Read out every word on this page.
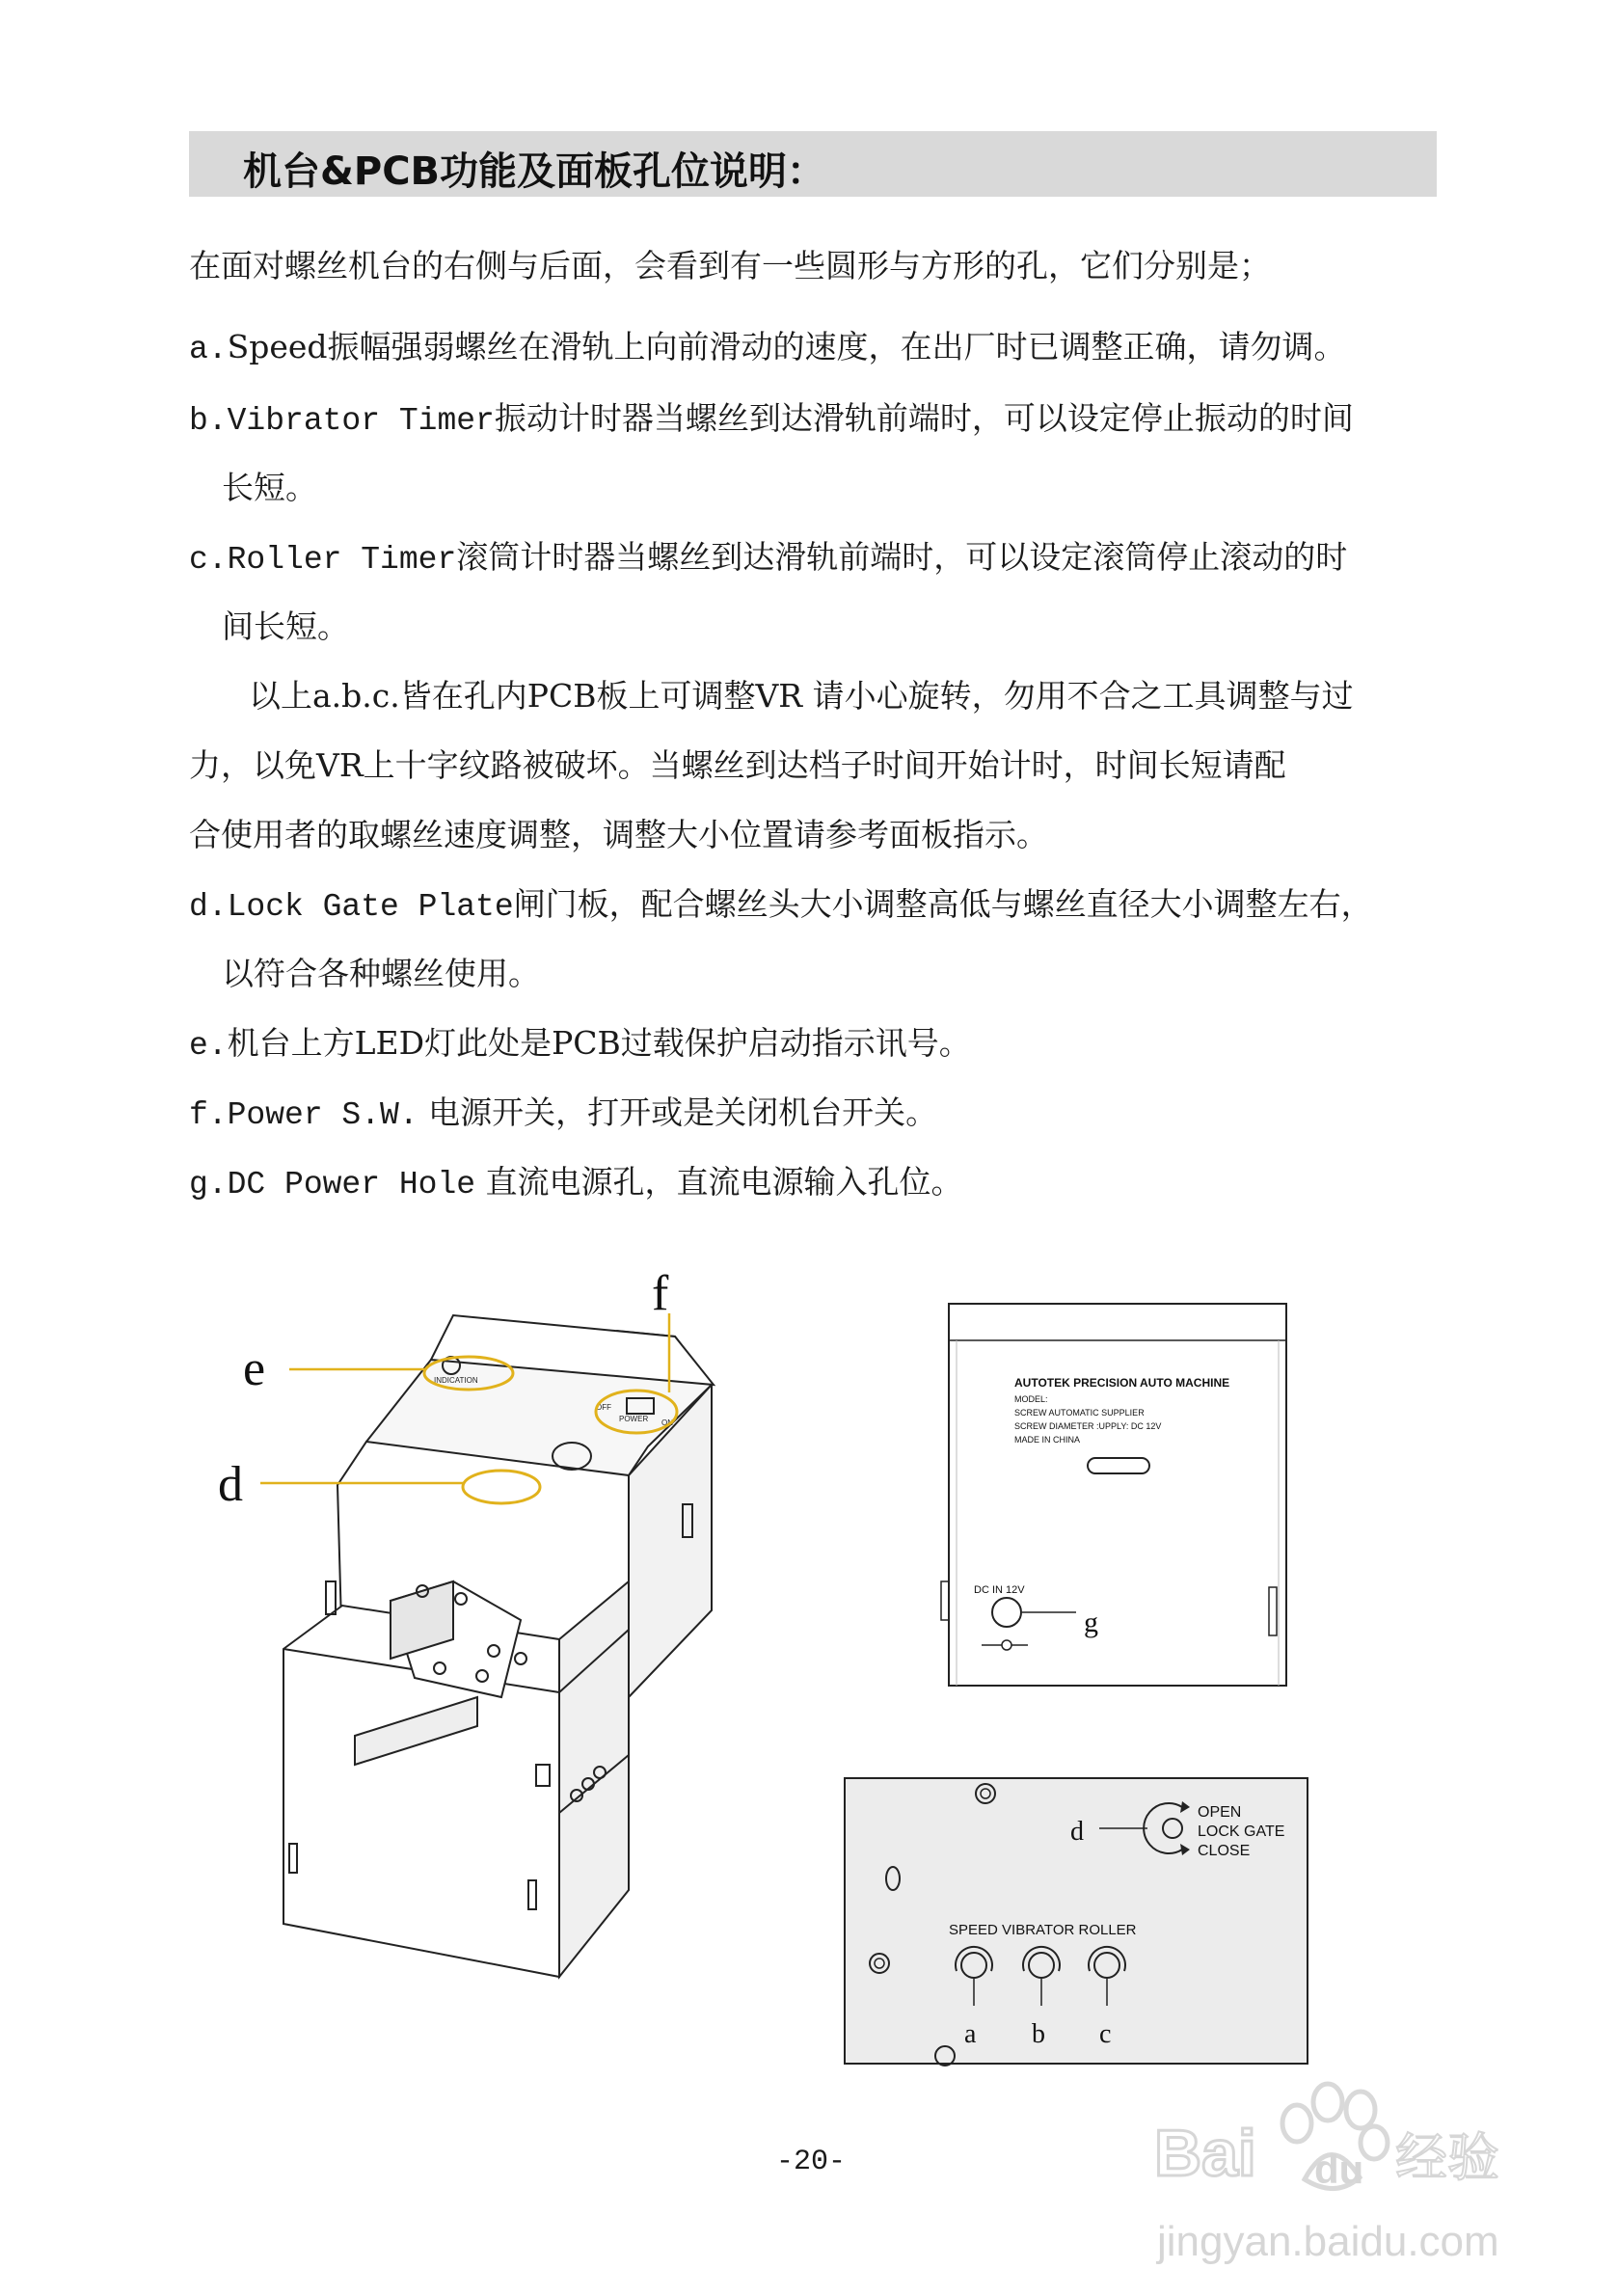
机台&PCB功能及面板孔位说明：
在面对螺丝机台的右侧与后面，会看到有一些圆形与方形的孔，它们分别是；
a.Speed振幅强弱螺丝在滑轨上向前滑动的速度，在出厂时已调整正确，请勿调。
b.Vibrator Timer振动计时器当螺丝到达滑轨前端时，可以设定停止振动的时间
长短。
c.Roller Timer滚筒计时器当螺丝到达滑轨前端时，可以设定滚筒停止滚动的时
间长短。
以上a.b.c.皆在孔内PCB板上可调整VR 请小心旋转，勿用不合之工具调整与过
力，以免VR上十字纹路被破坏。当螺丝到达档子时间开始计时，时间长短请配
合使用者的取螺丝速度调整，调整大小位置请参考面板指示。
d.Lock Gate Plate闸门板，配合螺丝头大小调整高低与螺丝直径大小调整左右，
以符合各种螺丝使用。
e.机台上方LED灯此处是PCB过载保护启动指示讯号。
f.Power S.W. 电源开关，打开或是关闭机台开关。
g.DC Power Hole 直流电源孔，直流电源输入孔位。
INDICATION
OFF
POWER ON
e
d
f
AUTOTEK PRECISION AUTO MACHINE
MODEL:
SCREW AUTOMATIC SUPPLIER
SCREW DIAMETER :UPPLY: DC 12V
MADE IN CHINA
DC IN 12V
g
OPEN
LOCK GATE
CLOSE
SPEED VIBRATOR ROLLER
d
a b c
-20-	Bai du 经验
jingyan.baidu.com
